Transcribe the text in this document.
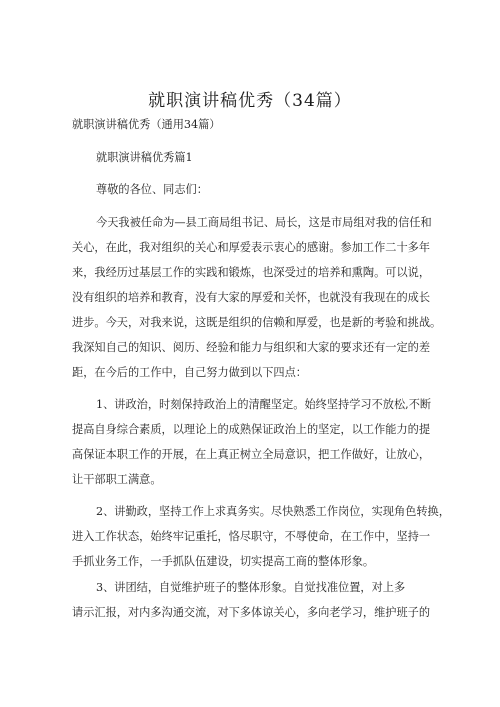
就职演讲稿优秀（34篇）
就职演讲稿优秀（通用34篇）
就职演讲稿优秀篇1
尊敬的各位、同志们：
今天我被任命为—县工商局组书记、局长，这是市局组对我的信任和
关心，在此，我对组织的关心和厚爱表示衷心的感谢。参加工作二十多年
来，我经历过基层工作的实践和锻炼，也深受过的培养和熏陶。可以说，
没有组织的培养和教育，没有大家的厚爱和关怀，也就没有我现在的成长
进步。今天，对我来说，这既是组织的信赖和厚爱，也是新的考验和挑战。
我深知自己的知识、阅历、经验和能力与组织和大家的要求还有一定的差
距，在今后的工作中，自己努力做到以下四点：
1、讲政治，时刻保持政治上的清醒坚定。始终坚持学习不放松,不断
提高自身综合素质，以理论上的成熟保证政治上的坚定，以工作能力的提
高保证本职工作的开展，在上真正树立全局意识，把工作做好，让放心，
让干部职工满意。
2、讲勤政，坚持工作上求真务实。尽快熟悉工作岗位，实现角色转换，
进入工作状态，始终牢记重托，恪尽职守，不辱使命，在工作中，坚持一
手抓业务工作，一手抓队伍建设，切实提高工商的整体形象。
3、讲团结，自觉维护班子的整体形象。自觉找准位置，对上多
请示汇报，对内多沟通交流，对下多体谅关心，多向老学习，维护班子的
